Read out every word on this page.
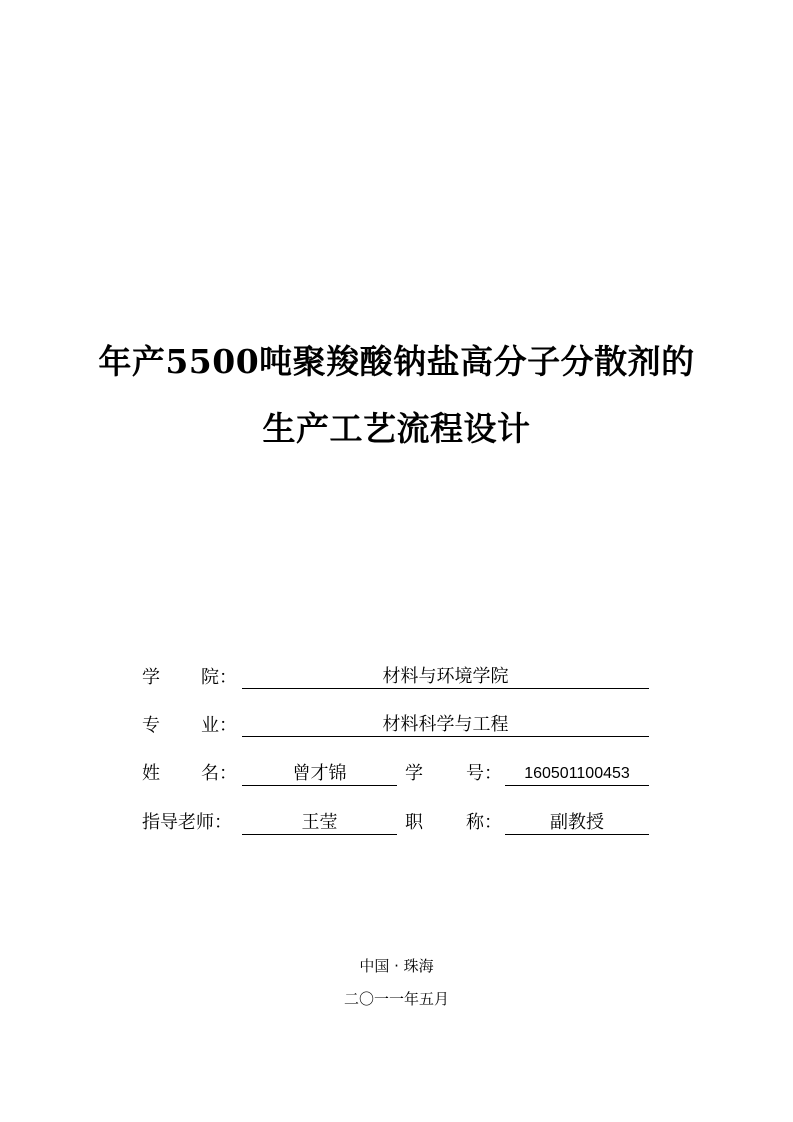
年产5500吨聚羧酸钠盐高分子分散剂的
生产工艺流程设计
学 院：	材料与环境学院
专 业：	材料科学与工程
姓 名：	曾才锦	学 号：	160501100453
指导老师：	王莹	职 称：	副教授
中国 · 珠海
二〇一一年五月
